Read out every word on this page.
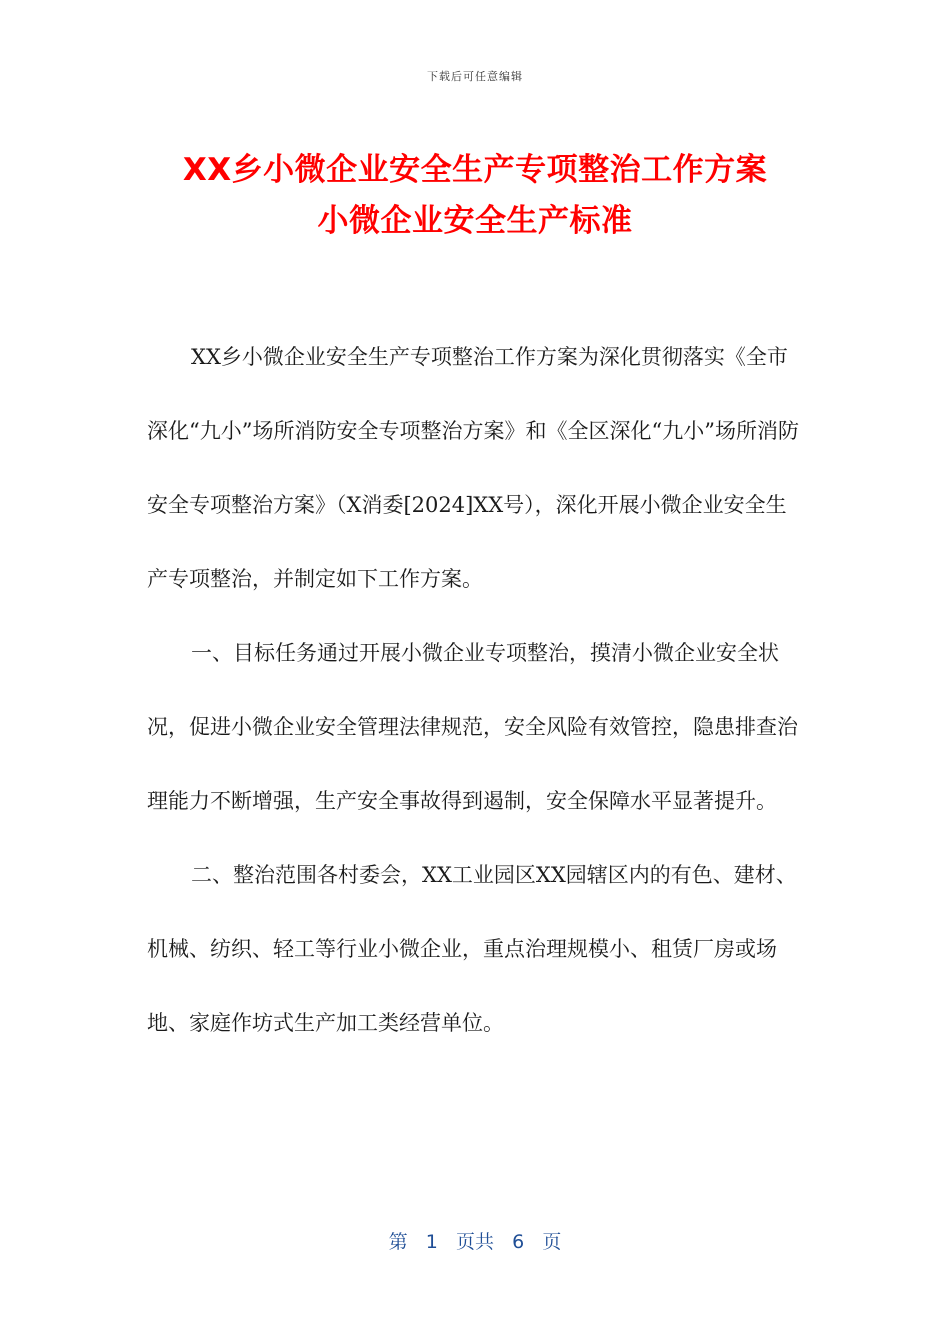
下载后可任意编辑
XX乡小微企业安全生产专项整治工作方案
小微企业安全生产标准

XX乡小微企业安全生产专项整治工作方案为深化贯彻落实《全市深化“九小”场所消防安全专项整治方案》和《全区深化“九小”场所消防安全专项整治方案》（X消委[2024]XX号），深化开展小微企业安全生产专项整治，并制定如下工作方案。

一、目标任务通过开展小微企业专项整治，摸清小微企业安全状况，促进小微企业安全管理法律规范，安全风险有效管控，隐患排查治理能力不断增强，生产安全事故得到遏制，安全保障水平显著提升。

二、整治范围各村委会，XX工业园区XX园辖区内的有色、建材、机械、纺织、轻工等行业小微企业，重点治理规模小、租赁厂房或场地、家庭作坊式生产加工类经营单位。

第 1 页共 6 页
